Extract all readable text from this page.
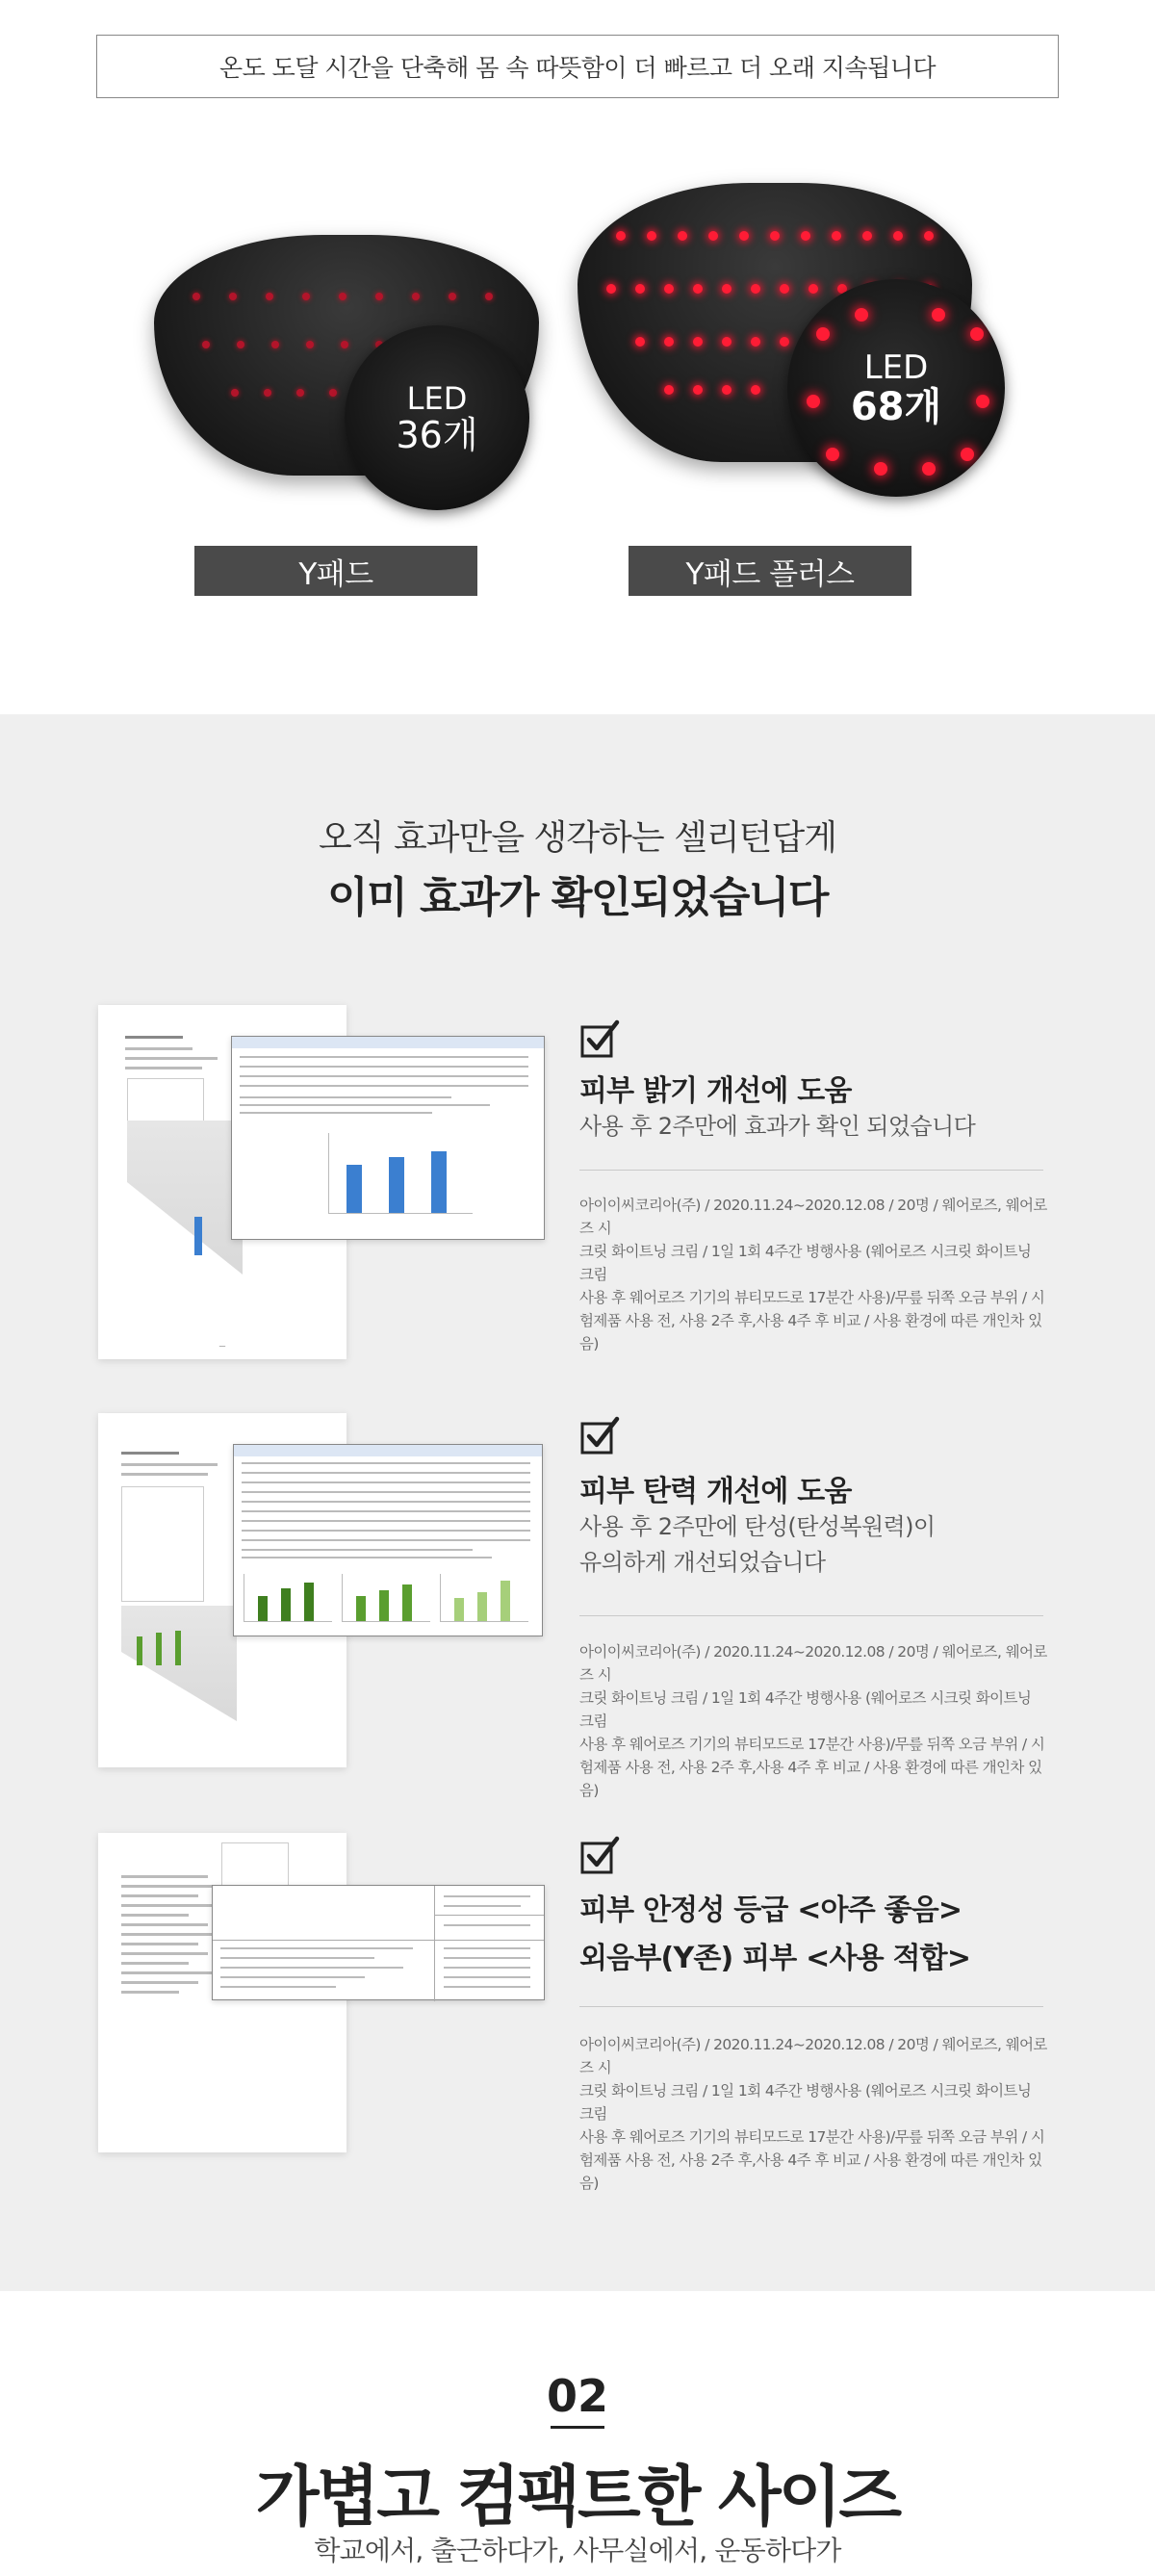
온도 도달 시간을 단축해 몸 속 따뜻함이 더 빠르고 더 오래 지속됩니다
LED
36개
Y패드
LED
68개
Y패드 플러스
오직 효과만을 생각하는 셀리턴답게
이미 효과가 확인되었습니다
—
피부 밝기 개선에 도움
사용 후 2주만에 효과가 확인 되었습니다
아이이씨코리아(주) / 2020.11.24~2020.12.08 / 20명 / 웨어로즈, 웨어로즈 시
크릿 화이트닝 크림 / 1일 1회 4주간 병행사용 (웨어로즈 시크릿 화이트닝 크림
사용 후 웨어로즈 기기의 뷰티모드로 17분간 사용)/무릎 뒤쪽 오금 부위 / 시
험제품 사용 전, 사용 2주 후,사용 4주 후 비교 / 사용 환경에 따른 개인차 있음)
피부 탄력 개선에 도움
사용 후 2주만에 탄성(탄성복원력)이
유의하게 개선되었습니다
아이이씨코리아(주) / 2020.11.24~2020.12.08 / 20명 / 웨어로즈, 웨어로즈 시
크릿 화이트닝 크림 / 1일 1회 4주간 병행사용 (웨어로즈 시크릿 화이트닝 크림
사용 후 웨어로즈 기기의 뷰티모드로 17분간 사용)/무릎 뒤쪽 오금 부위 / 시
험제품 사용 전, 사용 2주 후,사용 4주 후 비교 / 사용 환경에 따른 개인차 있음)
피부 안정성 등급 <아주 좋음>
외음부(Y존) 피부 <사용 적합>
아이이씨코리아(주) / 2020.11.24~2020.12.08 / 20명 / 웨어로즈, 웨어로즈 시
크릿 화이트닝 크림 / 1일 1회 4주간 병행사용 (웨어로즈 시크릿 화이트닝 크림
사용 후 웨어로즈 기기의 뷰티모드로 17분간 사용)/무릎 뒤쪽 오금 부위 / 시
험제품 사용 전, 사용 2주 후,사용 4주 후 비교 / 사용 환경에 따른 개인차 있음)
02
가볍고 컴팩트한 사이즈
학교에서, 출근하다가, 사무실에서, 운동하다가
